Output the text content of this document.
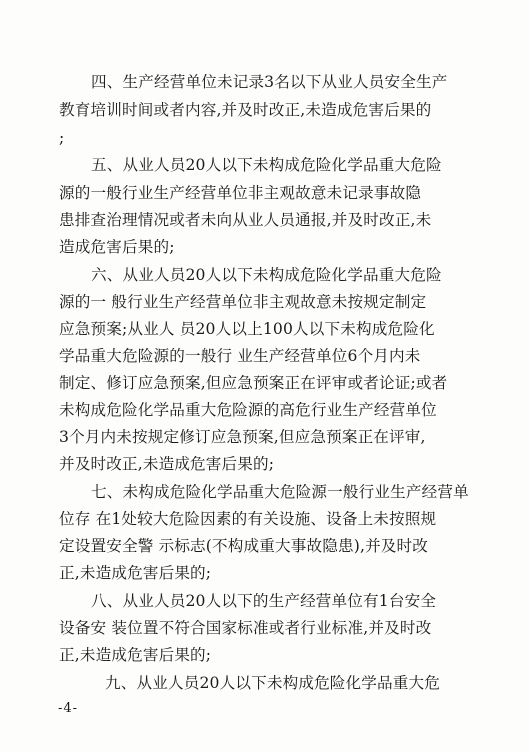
四、生产经营单位未记录3名以下从业人员安全生产
教育培训时间或者内容,并及时改正,未造成危害后果的
;
五、从业人员20人以下未构成危险化学品重大危险
源的一般行业生产经营单位非主观故意未记录事故隐
患排查治理情况或者未向从业人员通报,并及时改正,未
造成危害后果的;
六、从业人员20人以下未构成危险化学品重大危险
源的一 般行业生产经营单位非主观故意未按规定制定
应急预案;从业人 员20人以上100人以下未构成危险化
学品重大危险源的一般行 业生产经营单位6个月内未
制定、修订应急预案,但应急预案正在评审或者论证;或者
未构成危险化学品重大危险源的高危行业生产经营单位
3个月内未按规定修订应急预案,但应急预案正在评审,
并及时改正,未造成危害后果的;
七、未构成危险化学品重大危险源一般行业生产经营单
位存 在1处较大危险因素的有关设施、设备上未按照规
定设置安全警 示标志(不构成重大事故隐患),并及时改
正,未造成危害后果的;
八、从业人员20人以下的生产经营单位有1台安全
设备安 装位置不符合国家标准或者行业标准,并及时改
正,未造成危害后果的;
九、从业人员20人以下未构成危险化学品重大危
-4-
